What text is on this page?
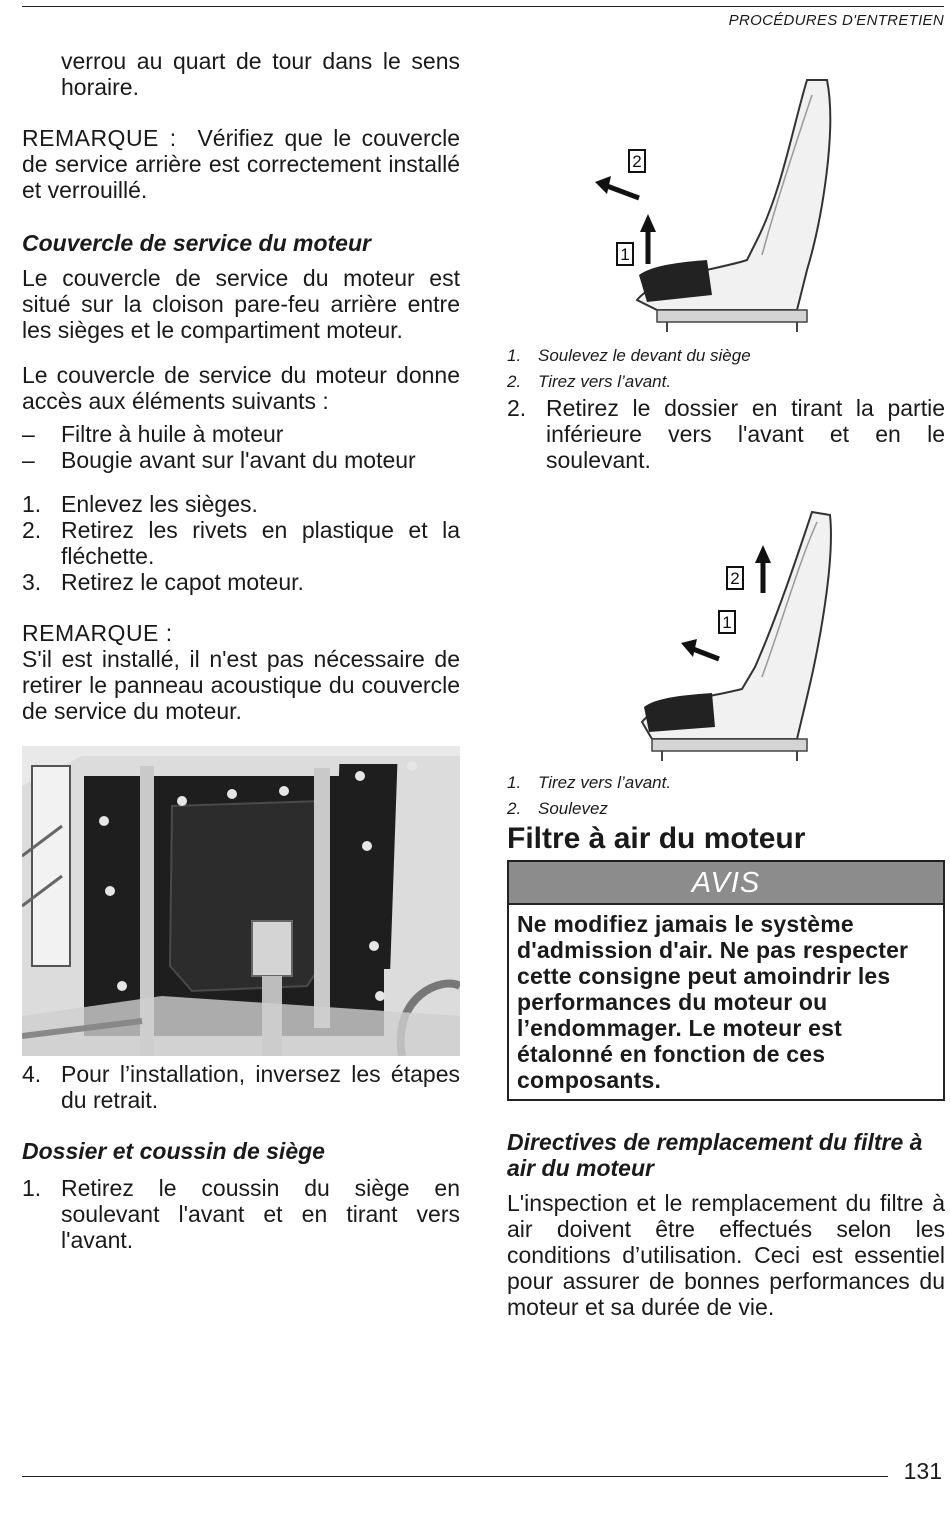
PROCÉDURES D'ENTRETIEN
verrou au quart de tour dans le sens horaire.

REMARQUE : Vérifiez que le couvercle de service arrière est correctement installé et verrouillé.

Couvercle de service du moteur

Le couvercle de service du moteur est situé sur la cloison pare-feu arrière entre les sièges et le compartiment moteur.

Le couvercle de service du moteur donne accès aux éléments suivants :

–	Filtre à huile à moteur
–	Bougie avant sur l'avant du moteur
1. Enlevez les sièges.
2. Retirez les rivets en plastique et la fléchette.
3. Retirez le capot moteur.

REMARQUE :

S'il est installé, il n'est pas nécessaire de retirer le panneau acoustique du couvercle de service du moteur.

4. Pour l’installation, inversez les étapes du retrait.

Dossier et coussin de siège

1. Retirez le coussin du siège en soulevant l'avant et en tirant vers l'avant.
2
1
1. Soulevez le devant du siège
2. Tirez vers l’avant.
2. Retirez le dossier en tirant la partie inférieure vers l'avant et en le soulevant.
2
1
1. Tirez vers l’avant.
2. Soulevez

Filtre à air du moteur

AVIS
Ne modifiez jamais le système d'admission d'air. Ne pas respecter cette consigne peut amoindrir les performances du moteur ou l’endommager. Le moteur est étalonné en fonction de ces composants.

Directives de remplacement du filtre à air du moteur

L'inspection et le remplacement du filtre à air doivent être effectués selon les conditions d’utilisation. Ceci est essentiel pour assurer de bonnes performances du moteur et sa durée de vie.

131
